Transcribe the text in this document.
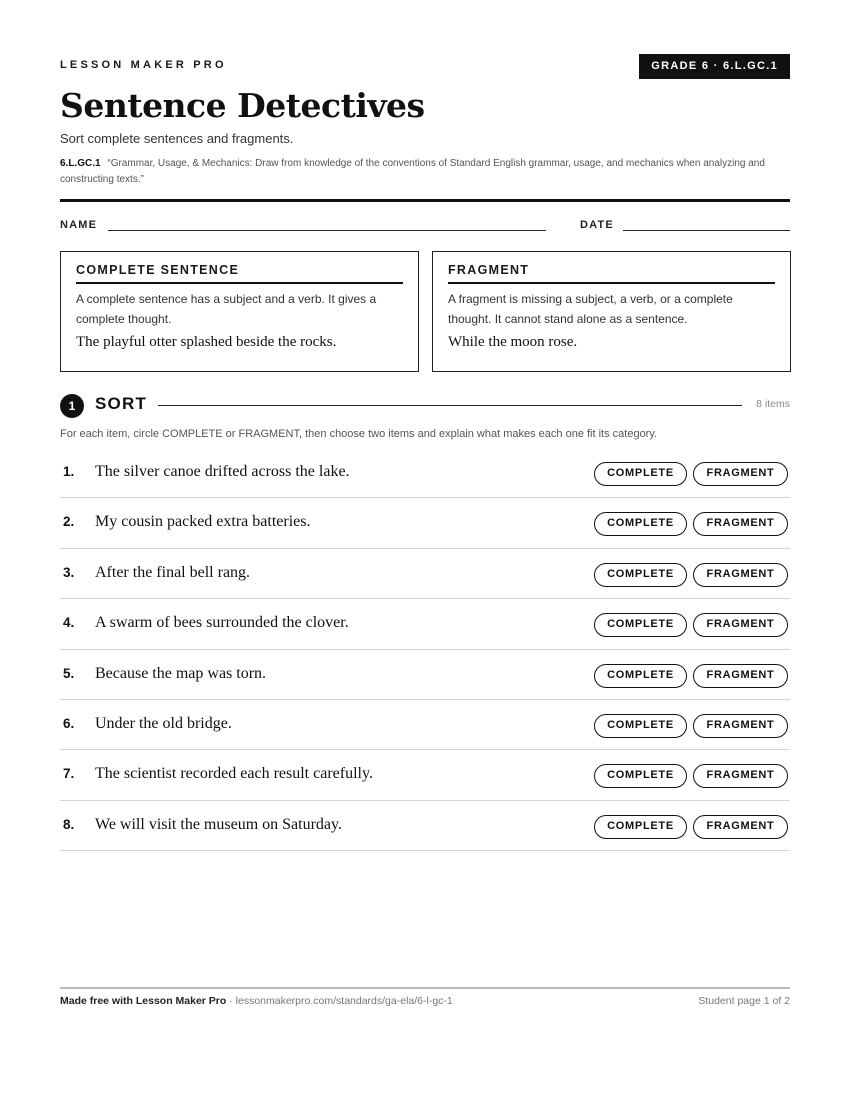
LESSON MAKER PRO	GRADE 6 · 6.L.GC.1
Sentence Detectives
Sort complete sentences and fragments.
6.L.GC.1 “Grammar, Usage, & Mechanics: Draw from knowledge of the conventions of Standard English grammar, usage, and mechanics when analyzing and constructing texts.”
NAME	DATE
COMPLETE SENTENCE
A complete sentence has a subject and a verb. It gives a complete thought.
The playful otter splashed beside the rocks.
FRAGMENT
A fragment is missing a subject, a verb, or a complete thought. It cannot stand alone as a sentence.
While the moon rose.
1	SORT	8 items
For each item, circle COMPLETE or FRAGMENT, then choose two items and explain what makes each one fit its category.
1. The silver canoe drifted across the lake.	COMPLETE	FRAGMENT
2. My cousin packed extra batteries.	COMPLETE	FRAGMENT
3. After the final bell rang.	COMPLETE	FRAGMENT
4. A swarm of bees surrounded the clover.	COMPLETE	FRAGMENT
5. Because the map was torn.	COMPLETE	FRAGMENT
6. Under the old bridge.	COMPLETE	FRAGMENT
7. The scientist recorded each result carefully.	COMPLETE	FRAGMENT
8. We will visit the museum on Saturday.	COMPLETE	FRAGMENT
Made free with Lesson Maker Pro · lessonmakerpro.com/standards/ga-ela/6-l-gc-1	Student page 1 of 2
